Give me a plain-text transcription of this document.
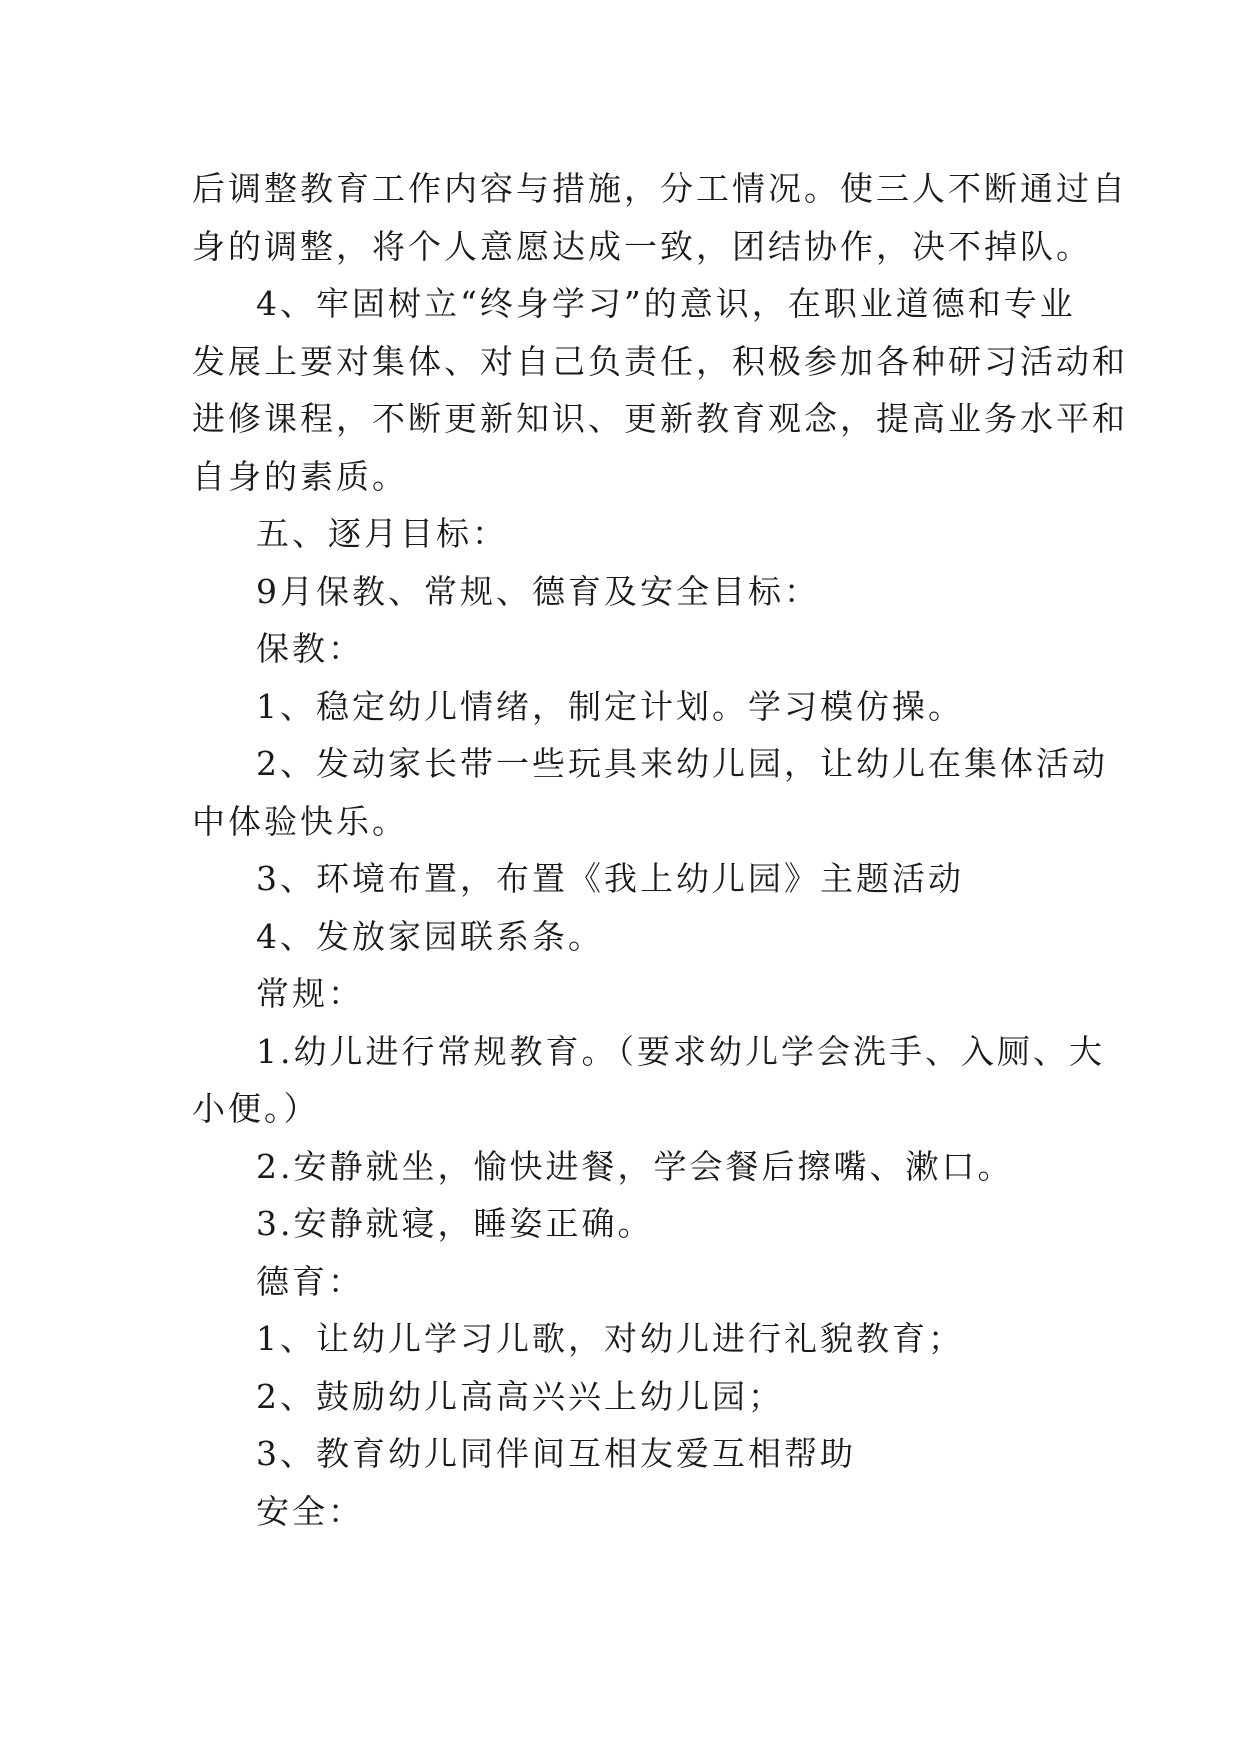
后调整教育工作内容与措施，分工情况。使三人不断通过自
身的调整，将个人意愿达成一致，团结协作，决不掉队。
4、牢固树立“终身学习”的意识，在职业道德和专业
发展上要对集体、对自己负责任，积极参加各种研习活动和
进修课程，不断更新知识、更新教育观念，提高业务水平和
自身的素质。
五、逐月目标：
9月保教、常规、德育及安全目标：
保教：
1、稳定幼儿情绪，制定计划。学习模仿操。
2、发动家长带一些玩具来幼儿园，让幼儿在集体活动
中体验快乐。
3、环境布置，布置《我上幼儿园》主题活动
4、发放家园联系条。
常规：
1.幼儿进行常规教育。（要求幼儿学会洗手、入厕、大
小便。）
2.安静就坐，愉快进餐，学会餐后擦嘴、漱口。
3.安静就寝，睡姿正确。
德育：
1、让幼儿学习儿歌，对幼儿进行礼貌教育；
2、鼓励幼儿高高兴兴上幼儿园；
3、教育幼儿同伴间互相友爱互相帮助
安全：
